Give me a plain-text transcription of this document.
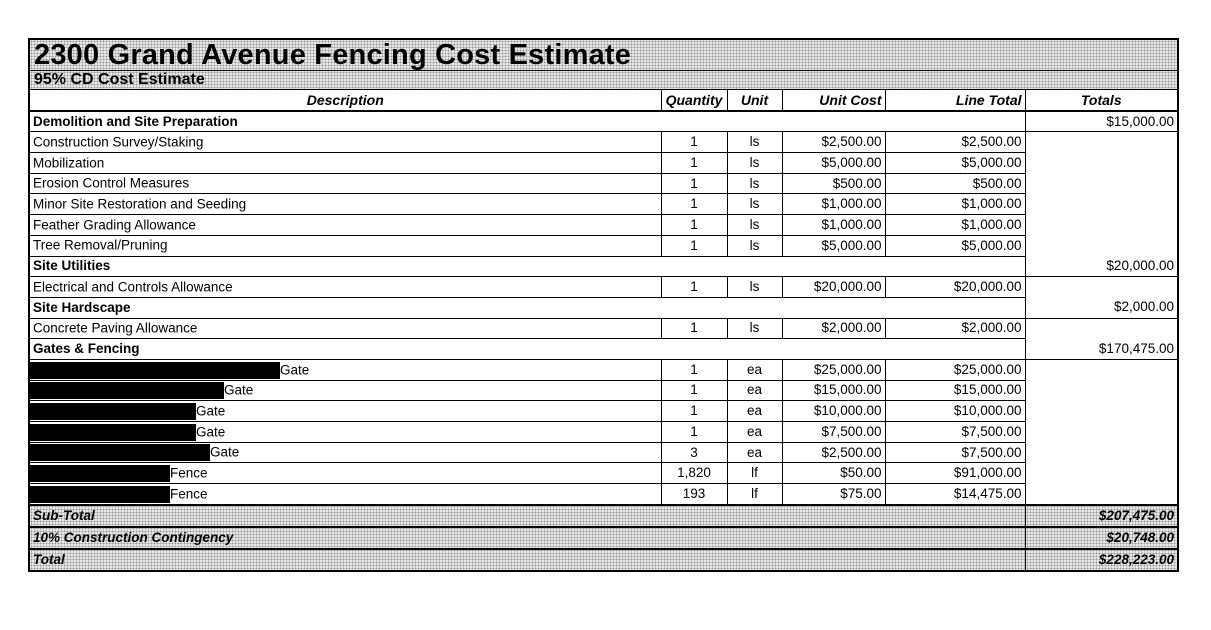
2300 Grand Avenue Fencing Cost Estimate
95% CD Cost Estimate
Description	Quantity	Unit	Unit Cost	Line Total	Totals
Demolition and Site Preparation					$15,000.00
Construction Survey/Staking	1	ls	$2,500.00	$2,500.00	
Mobilization	1	ls	$5,000.00	$5,000.00	
Erosion Control Measures	1	ls	$500.00	$500.00	
Minor Site Restoration and Seeding	1	ls	$1,000.00	$1,000.00	
Feather Grading Allowance	1	ls	$1,000.00	$1,000.00	
Tree Removal/Pruning	1	ls	$5,000.00	$5,000.00	
Site Utilities					$20,000.00
Electrical and Controls Allowance	1	ls	$20,000.00	$20,000.00	
Site Hardscape					$2,000.00
Concrete Paving Allowance	1	ls	$2,000.00	$2,000.00	
Gates & Fencing					$170,475.00
Gate	1	ea	$25,000.00	$25,000.00	
Gate	1	ea	$15,000.00	$15,000.00	
Gate	1	ea	$10,000.00	$10,000.00	
Gate	1	ea	$7,500.00	$7,500.00	
Gate	3	ea	$2,500.00	$7,500.00	
Fence	1,820	lf	$50.00	$91,000.00	
Fence	193	lf	$75.00	$14,475.00	
Sub-Total					$207,475.00
10% Construction Contingency					$20,748.00
Total					$228,223.00
